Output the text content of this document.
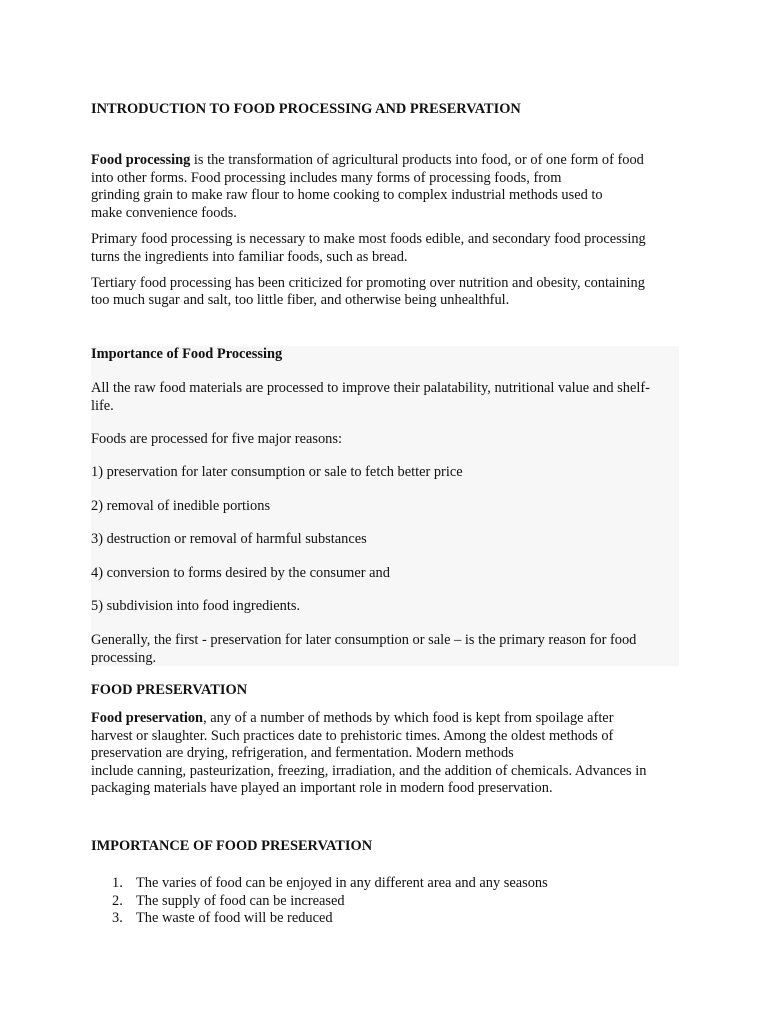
INTRODUCTION TO FOOD PROCESSING AND PRESERVATION

Food processing is the transformation of agricultural products into food, or of one form of food
into other forms. Food processing includes many forms of processing foods, from
grinding grain to make raw flour to home cooking to complex industrial methods used to
make convenience foods.

Primary food processing is necessary to make most foods edible, and secondary food processing
turns the ingredients into familiar foods, such as bread.

Tertiary food processing has been criticized for promoting over nutrition and obesity, containing
too much sugar and salt, too little fiber, and otherwise being unhealthful.

Importance of Food Processing

All the raw food materials are processed to improve their palatability, nutritional value and shelf-
life.

Foods are processed for five major reasons:

1) preservation for later consumption or sale to fetch better price

2) removal of inedible portions

3) destruction or removal of harmful substances

4) conversion to forms desired by the consumer and

5) subdivision into food ingredients.

Generally, the first - preservation for later consumption or sale – is the primary reason for food
processing.

FOOD PRESERVATION

Food preservation, any of a number of methods by which food is kept from spoilage after
harvest or slaughter. Such practices date to prehistoric times. Among the oldest methods of
preservation are drying, refrigeration, and fermentation. Modern methods
include canning, pasteurization, freezing, irradiation, and the addition of chemicals. Advances in
packaging materials have played an important role in modern food preservation.

IMPORTANCE OF FOOD PRESERVATION
1. The varies of food can be enjoyed in any different area and any seasons
2. The supply of food can be increased
3. The waste of food will be reduced
